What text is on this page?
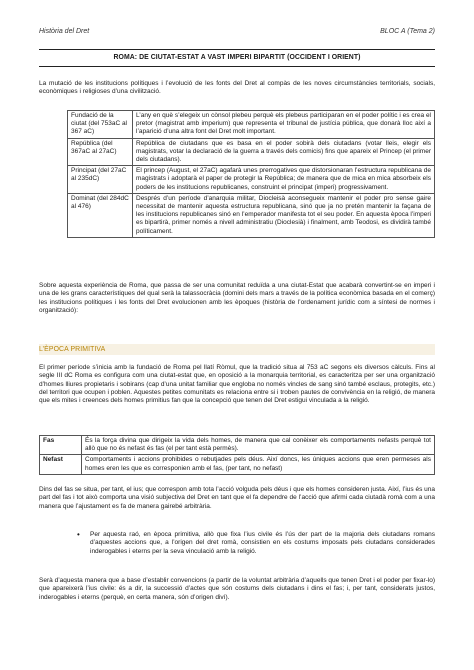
Història del Dret	BLOC A (Tema 2)
ROMA: DE CIUTAT-ESTAT A VAST IMPERI BIPARTIT (OCCIDENT I ORIENT)

La mutació de les institucions polítiques i l’evolució de les fonts del Dret al compàs de les noves circumstàncies territorials, socials, econòmiques i religioses d’una civilització.

Fundació de la ciutat (del 753aC al 367 aC)	L’any en què s’elegeix un cònsol plebeu perquè els plebeus participaran en el poder polític i es crea el pretor (magistrat amb imperium) que representa el tribunal de justícia pública, que donarà lloc així a l’aparició d’una altra font del Dret molt important.
República (del 367aC al 27aC)	República de ciutadans que es basa en el poder sobirà dels ciutadans (votar lleis, elegir els magistrats, votar la declaració de la guerra a través dels comicis) fins que apareix el Princep (el primer dels ciutadans).
Principat (del 27aC al 235dC)	El princep (August, el 27aC) agafarà unes prerrogatives que distorsionaran l’estructura republicana de magistrats i adoptarà el paper de protegir la República; de manera que de mica en mica absorbeix els poders de les institucions republicanes, construint el principat (imperi) progressivament.
Dominat (del 284dC al 476)	Després d’un període d’anarquia militar, Diocleisà aconsegueix mantenir el poder pro sense gaire necessitat de mantenir aquesta estructura republicana, sinó que ja no pretén mantenir la façana de les institucions republicanes sinó en l’emperador manifesta tot el seu poder. En aquesta època l’imperi es bipartirà, primer només a nivell administratiu (Dioclesià) i finalment, amb Teodosi, es dividirà també políticament.

Sobre aquesta experiència de Roma, que passa de ser una comunitat reduïda a una ciutat-Estat que acabarà convertint-se en imperi i una de les grans característiques del qual serà la talassocràcia (domini dels mars a través de la política econòmica basada en el comerç) les institucions polítiques i les fonts del Dret evolucionen amb les èpoques (història de l’ordenament jurídic com a síntesi de normes i organització):

L’ÈPOCA PRIMITIVA

El primer període s’inicia amb la fundació de Roma pel llatí Ròmul, que la tradició situa al 753 aC segons els diversos càlculs. Fins al segle III dC Roma es configura com una ciutat-estat que, en oposició a la monarquia territorial, es caracteritza per ser una organització d’homes lliures propietaris i sobirans (cap d’una unitat familiar que engloba no només vincles de sang sinó també esclaus, protegits, etc.) del territori que ocupen i poblen. Aquestes petites comunitats es relaciona entre si i troben pautes de convivència en la religió, de manera que els mites i creences dels homes primitius fan que la concepció que tenen del Dret estigui vinculada a la religió.

Fas	És la força divina que dirigeix la vida dels homes, de manera que cal conèixer els comportaments nefasts perquè tot allò que no és nefast és fas (el per tant està permès).
Nefast	Comportaments i accions prohibides o rebutjades pels déus. Així doncs, les úniques accions que eren permeses als homes eren les que es corresponien amb el fas, (per tant, no nefast)

Dins del fas se situa, per tant, el ius; que correspon amb tota l’acció volguda pels déus i que els homes consideren justa. Així, l’ius és una part del fas i tot això comporta una visió subjectiva del Dret en tant que el fa dependre de l’acció que afirmi cada ciutadà romà com a una manera que l’ajustament es fa de manera gairebé arbitrària.

• Per aquesta raó, en època primitiva, allò que fixa l’ius civile és l’ús der part de la majoria dels ciutadans romans d’aquestes accions que, a l’origen del dret romà, consistien en els costums imposats pels ciutadans considerades inderogables i eterns per la seva vinculació amb la religió.

Serà d’aquesta manera que a base d’establir convencions (a partir de la voluntat arbitrària d’aquells que tenen Dret i el poder per fixar-lo) que apareixerà l’ius civile: és a dir, la successió d’actes que són costums dels ciutadans i dins el fas; i, per tant, considerats justos, inderogables i eterns (perquè, en certa manera, són d’origen diví).
